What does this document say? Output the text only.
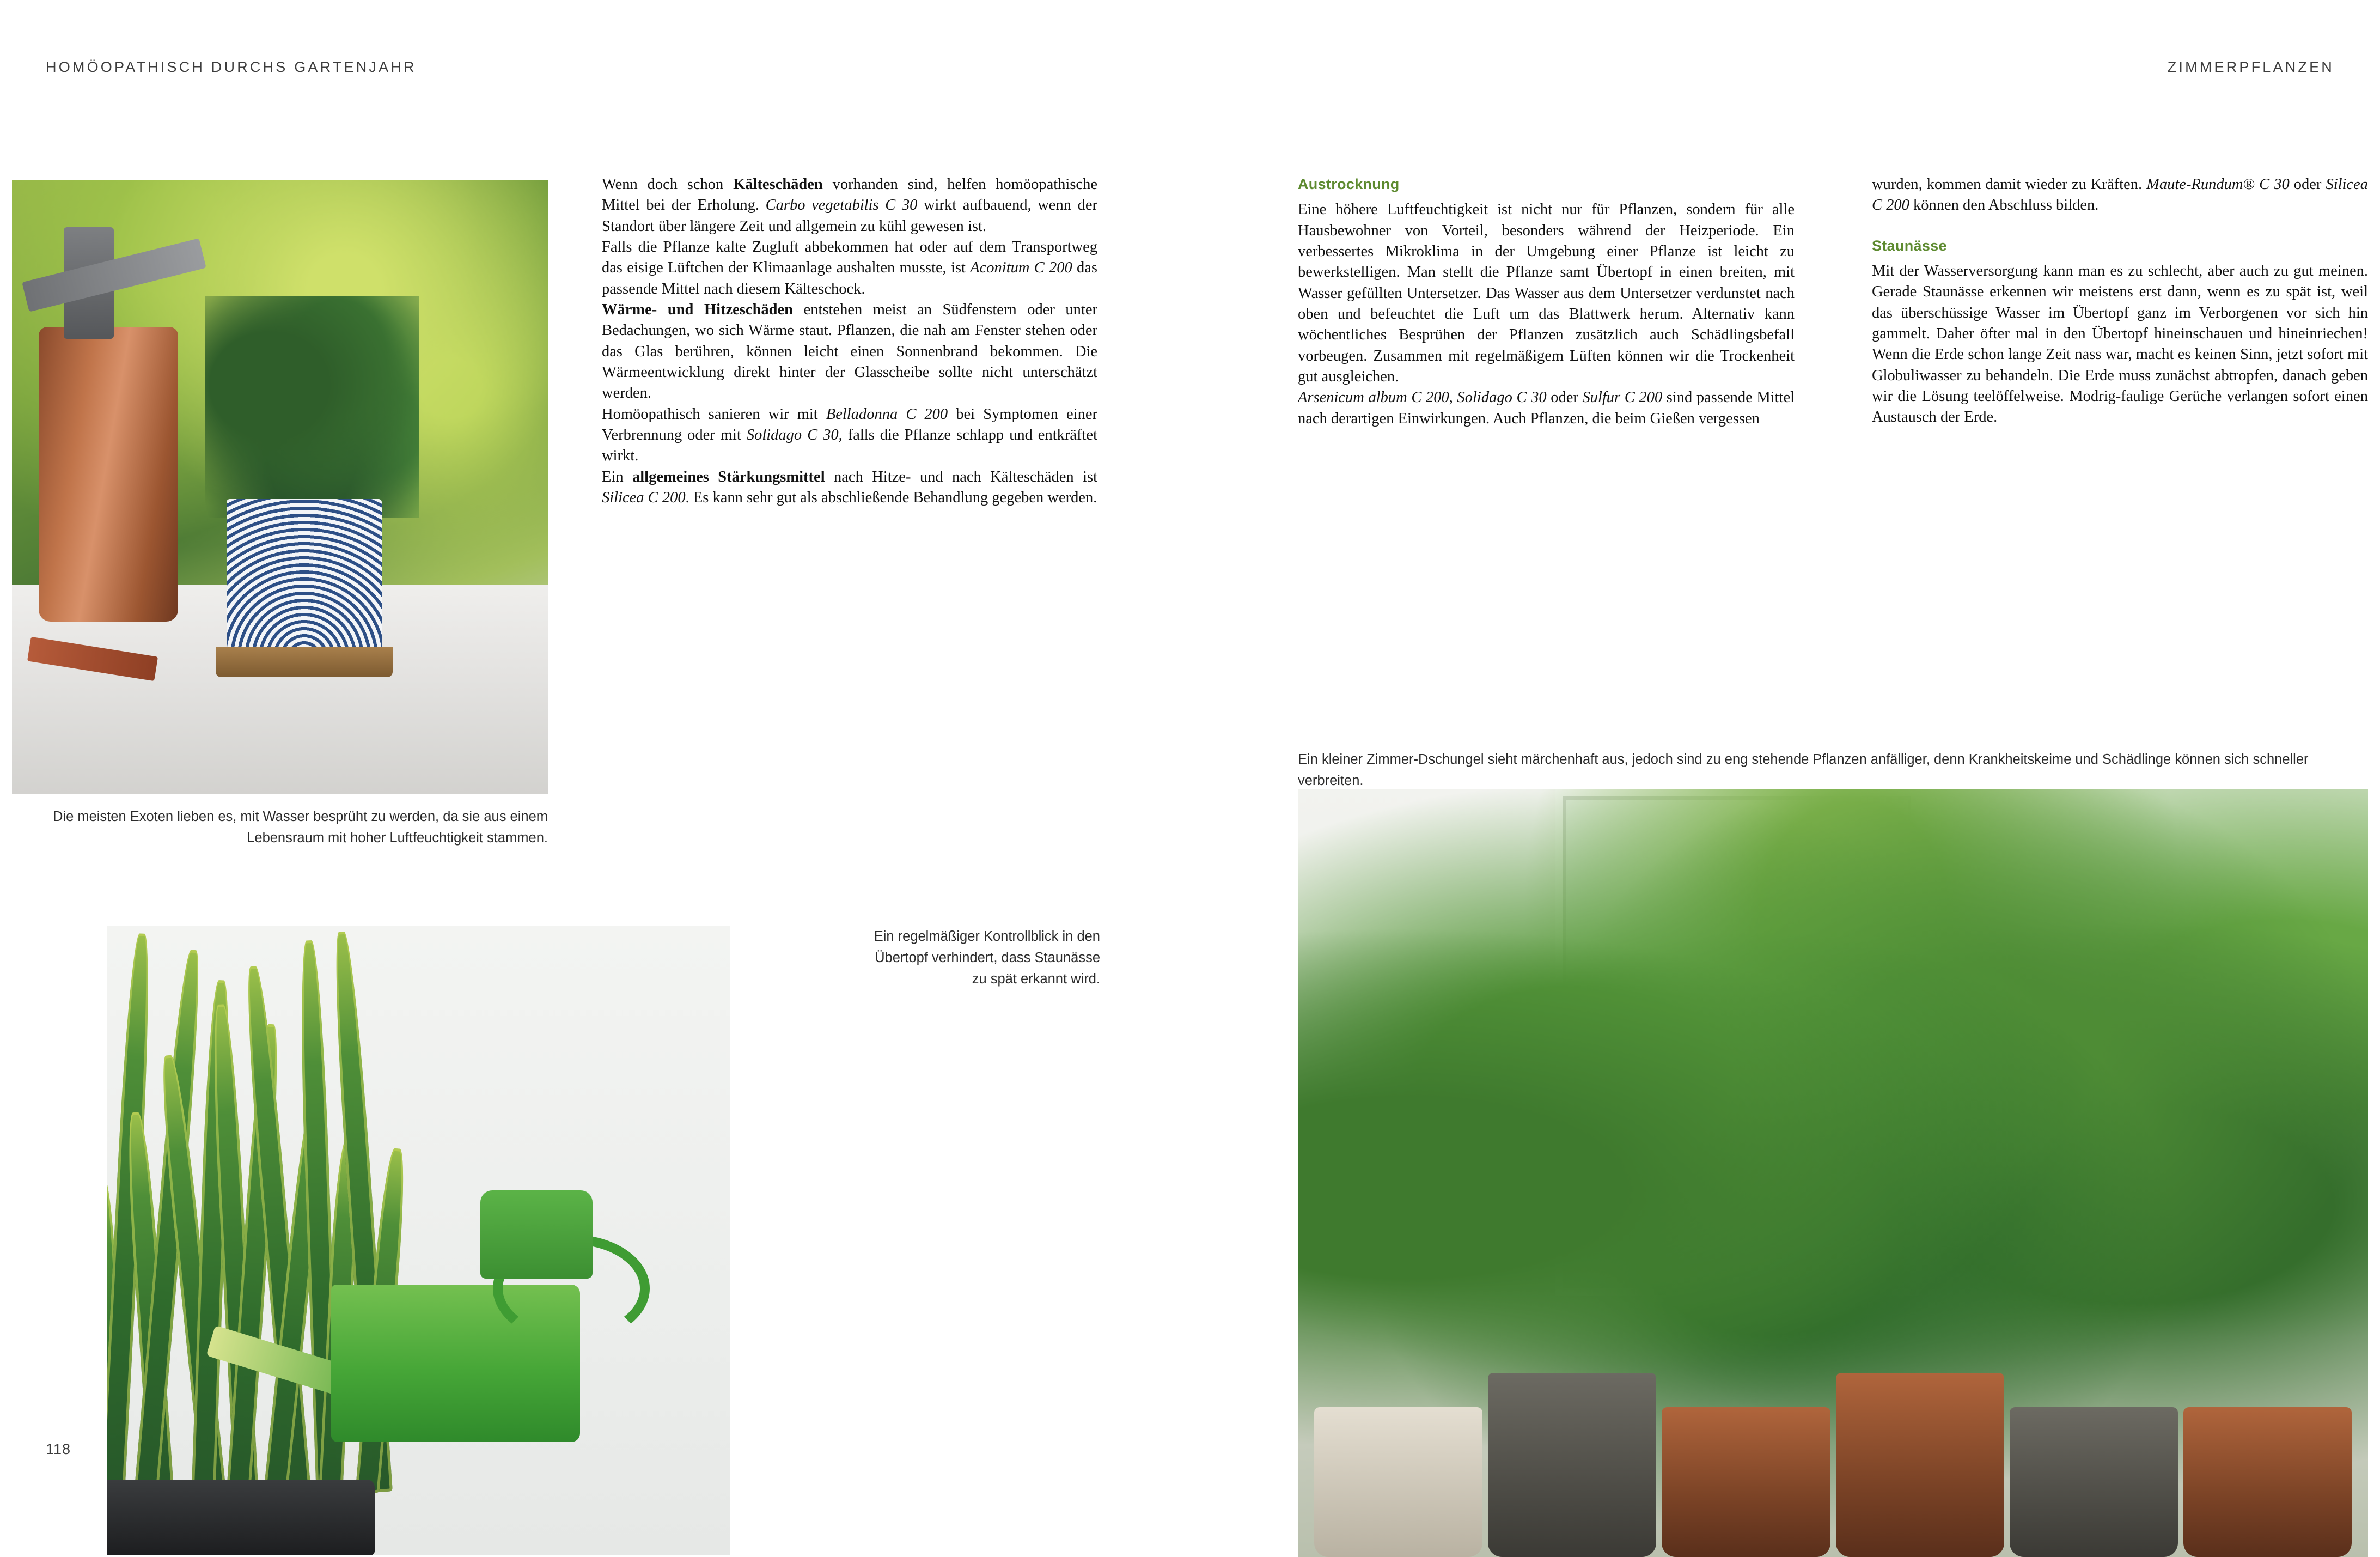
HOMÖOPATHISCH DURCHS GARTENJAHR	ZIMMERPFLANZEN
118
Die meisten Exoten lieben es, mit Wasser besprüht zu werden, da sie aus einem Lebensraum mit hoher Luftfeuchtigkeit stammen.
Ein regelmäßiger Kontrollblick in den Übertopf verhindert, dass Staunässe zu spät erkannt wird.
Ein kleiner Zimmer-Dschungel sieht märchenhaft aus, jedoch sind zu eng stehende Pflanzen anfälliger, denn Krankheitskeime und Schädlinge können sich schneller verbreiten.

Wenn doch schon Kälteschäden vorhanden sind, helfen homöopathische Mittel bei der Erholung. Carbo vegetabilis C 30 wirkt aufbauend, wenn der Standort über längere Zeit und allgemein zu kühl gewesen ist.

Falls die Pflanze kalte Zugluft abbekommen hat oder auf dem Transportweg das eisige Lüftchen der Klimaanlage aushalten musste, ist Aconitum C 200 das passende Mittel nach diesem Kälteschock.

Wärme- und Hitzeschäden entstehen meist an Südfenstern oder unter Bedachungen, wo sich Wärme staut. Pflanzen, die nah am Fenster stehen oder das Glas berühren, können leicht einen Sonnenbrand bekommen. Die Wärmeentwicklung direkt hinter der Glasscheibe sollte nicht unterschätzt werden.

Homöopathisch sanieren wir mit Belladonna C 200 bei Symptomen einer Verbrennung oder mit Solidago C 30, falls die Pflanze schlapp und entkräftet wirkt.

Ein allgemeines Stärkungsmittel nach Hitze- und nach Kälteschäden ist Silicea C 200. Es kann sehr gut als abschließende Behandlung gegeben werden.

Austrocknung

Eine höhere Luftfeuchtigkeit ist nicht nur für Pflanzen, sondern für alle Hausbewohner von Vorteil, besonders während der Heizperiode. Ein verbessertes Mikroklima in der Umgebung einer Pflanze ist leicht zu bewerkstelligen. Man stellt die Pflanze samt Übertopf in einen breiten, mit Wasser gefüllten Untersetzer. Das Wasser aus dem Untersetzer verdunstet nach oben und befeuchtet die Luft um das Blattwerk herum. Alternativ kann wöchentliches Besprühen der Pflanzen zusätzlich auch Schädlingsbefall vorbeugen. Zusammen mit regelmäßigem Lüften können wir die Trockenheit gut ausgleichen.

Arsenicum album C 200, Solidago C 30 oder Sulfur C 200 sind passende Mittel nach derartigen Einwirkungen. Auch Pflanzen, die beim Gießen vergessen

wurden, kommen damit wieder zu Kräften. Maute-Rundum® C 30 oder Silicea C 200 können den Abschluss bilden.

Staunässe

Mit der Wasserversorgung kann man es zu schlecht, aber auch zu gut meinen. Gerade Staunässe erkennen wir meistens erst dann, wenn es zu spät ist, weil das überschüssige Wasser im Übertopf ganz im Verborgenen vor sich hin gammelt. Daher öfter mal in den Übertopf hineinschauen und hineinriechen! Wenn die Erde schon lange Zeit nass war, macht es keinen Sinn, jetzt sofort mit Globuliwasser zu behandeln. Die Erde muss zunächst abtropfen, danach geben wir die Lösung teelöffelweise. Modrig-faulige Gerüche verlangen sofort einen Austausch der Erde.
